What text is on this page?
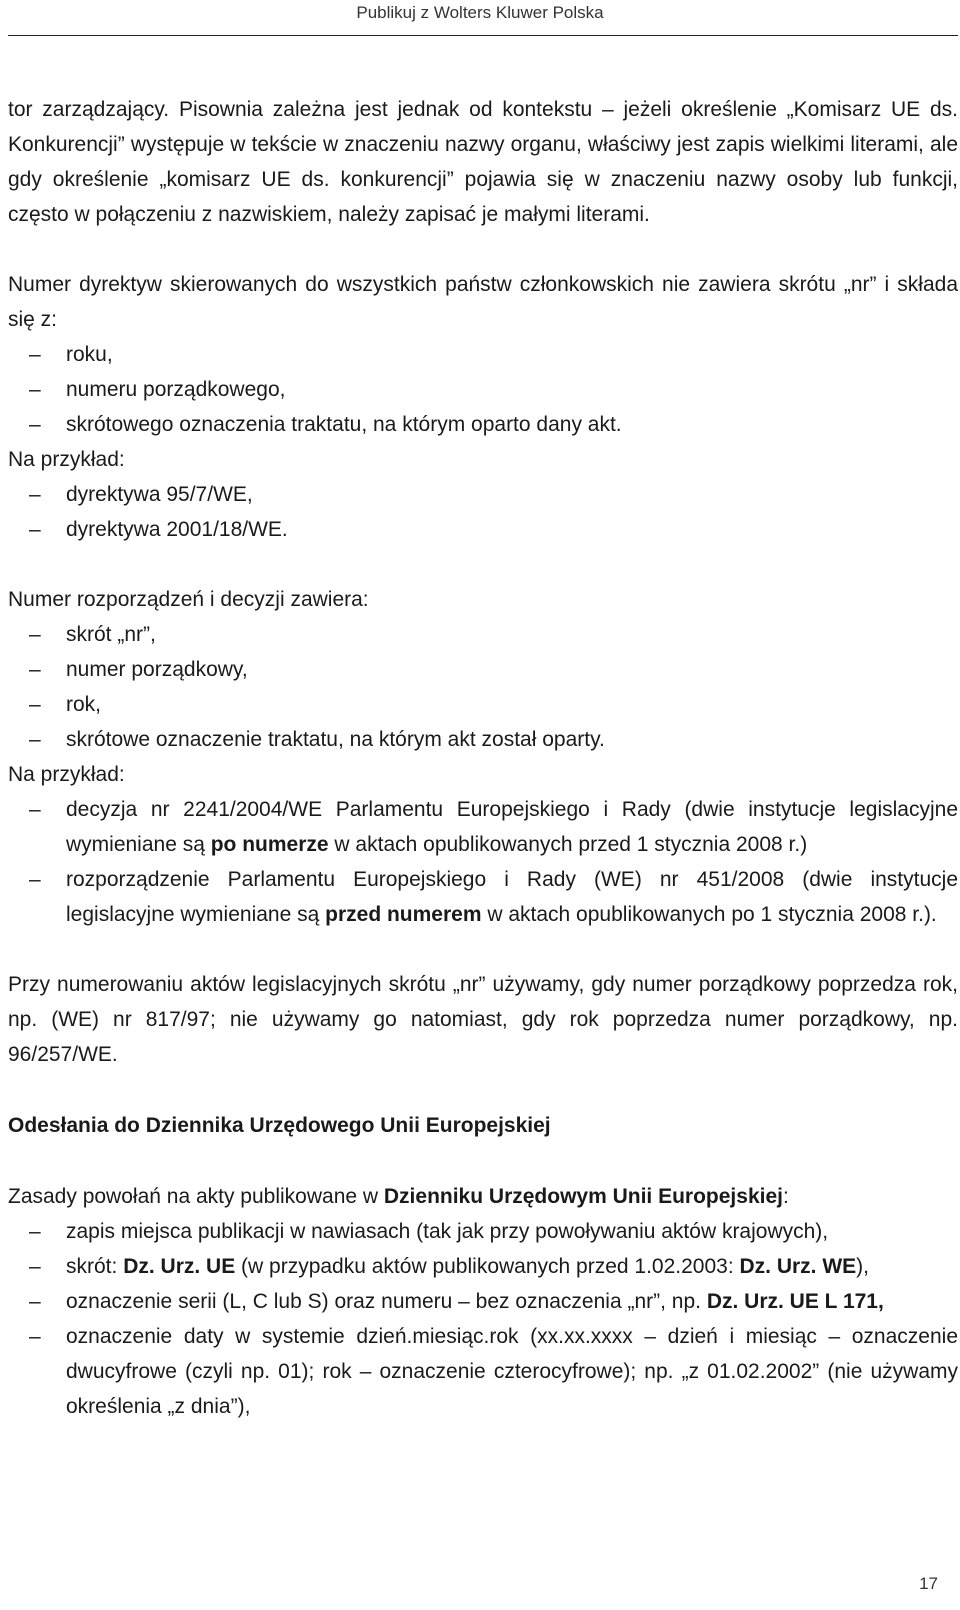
Publikuj z Wolters Kluwer Polska

tor zarządzający. Pisownia zależna jest jednak od kontekstu – jeżeli określenie „Komisarz UE ds. Konkurencji” występuje w tekście w znaczeniu nazwy organu, właściwy jest zapis wielkimi literami, ale gdy określenie „komisarz UE ds. konkurencji” pojawia się w znaczeniu nazwy osoby lub funkcji, często w połączeniu z nazwiskiem, należy zapisać je małymi literami.

Numer dyrektyw skierowanych do wszystkich państw członkowskich nie zawiera skrótu „nr” i składa się z:

– roku,
– numeru porządkowego,
– skrótowego oznaczenia traktatu, na którym oparto dany akt.

Na przykład:

– dyrektywa 95/7/WE,
– dyrektywa 2001/18/WE.

Numer rozporządzeń i decyzji zawiera:

– skrót „nr”,
– numer porządkowy,
– rok,
– skrótowe oznaczenie traktatu, na którym akt został oparty.

Na przykład:

– decyzja nr 2241/2004/WE Parlamentu Europejskiego i Rady (dwie instytucje legislacyjne wymieniane są po numerze w aktach opublikowanych przed 1 stycznia 2008 r.)
– rozporządzenie Parlamentu Europejskiego i Rady (WE) nr 451/2008 (dwie instytucje legislacyjne wymieniane są przed numerem w aktach opublikowanych po 1 stycznia 2008 r.).

Przy numerowaniu aktów legislacyjnych skrótu „nr” używamy, gdy numer porządkowy poprzedza rok, np. (WE) nr 817/97; nie używamy go natomiast, gdy rok poprzedza numer porządkowy, np. 96/257/WE.

Odesłania do Dziennika Urzędowego Unii Europejskiej

Zasady powołań na akty publikowane w Dzienniku Urzędowym Unii Europejskiej:

– zapis miejsca publikacji w nawiasach (tak jak przy powoływaniu aktów krajowych),
– skrót: Dz. Urz. UE (w przypadku aktów publikowanych przed 1.02.2003: Dz. Urz. WE),
– oznaczenie serii (L, C lub S) oraz numeru – bez oznaczenia „nr”, np. Dz. Urz. UE L 171,
– oznaczenie daty w systemie dzień.miesiąc.rok (xx.xx.xxxx – dzień i miesiąc – oznaczenie dwucyfrowe (czyli np. 01); rok – oznaczenie czterocyfrowe); np. „z 01.02.2002” (nie używamy określenia „z dnia”),
17
